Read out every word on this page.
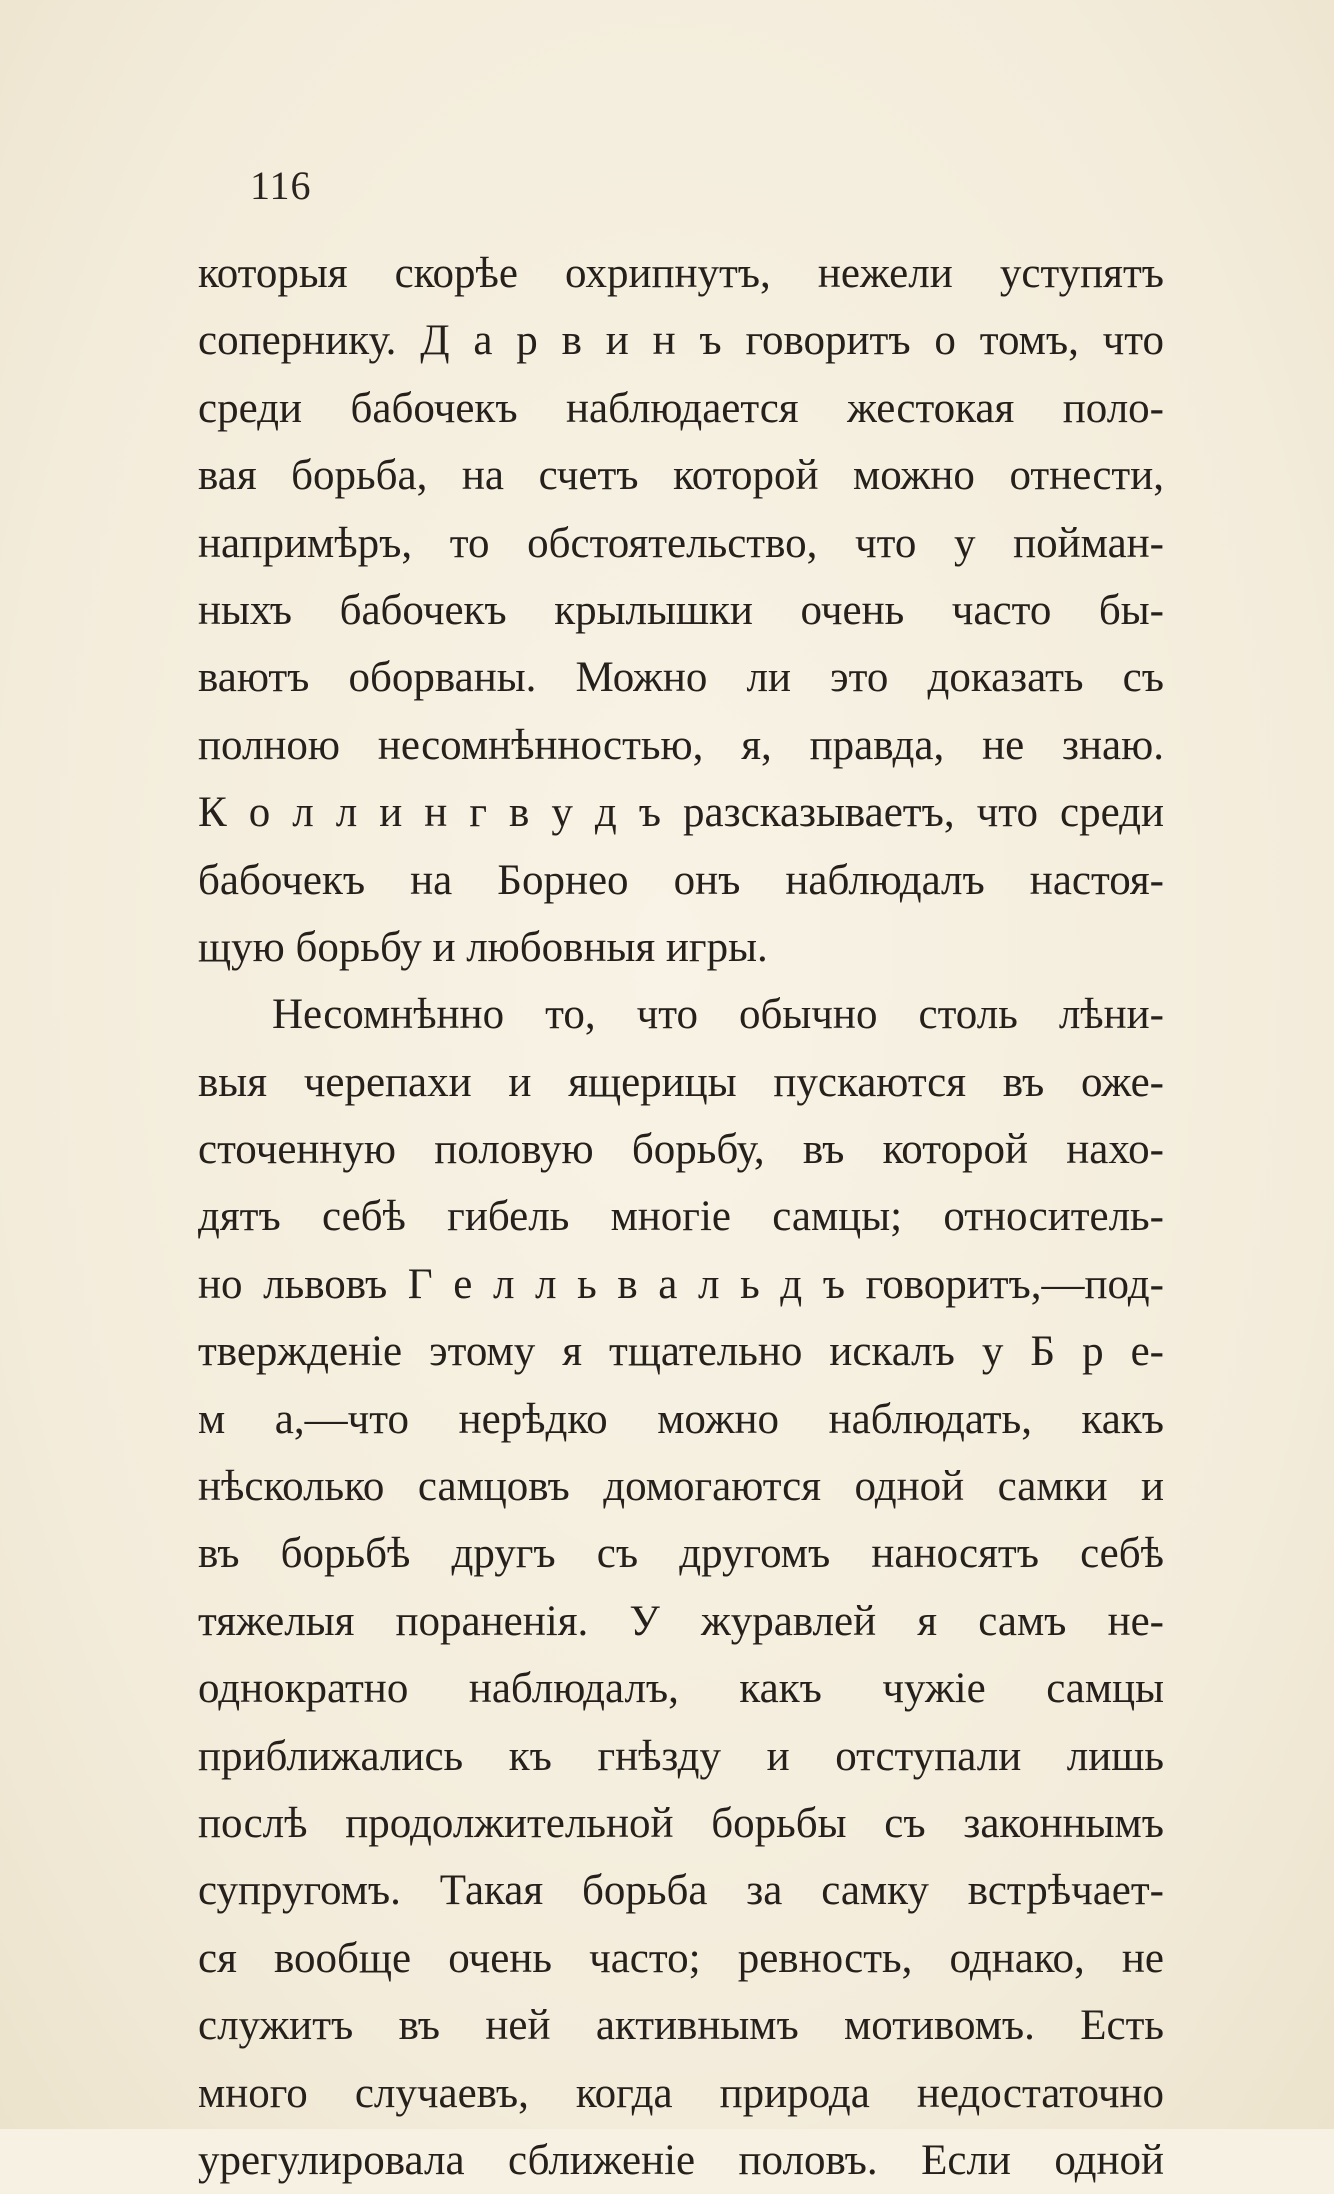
116
которыя скорѣе охрипнутъ, нежели уступятъ
сопернику. Д а р в и н ъ говоритъ о томъ, что
среди бабочекъ наблюдается жестокая поло-
вая борьба, на счетъ которой можно отнести,
напримѣръ, то обстоятельство, что у пойман-
ныхъ бабочекъ крылышки очень часто бы-
ваютъ оборваны. Можно ли это доказать съ
полною несомнѣнностью, я, правда, не знаю.
К о л л и н г в у д ъ разсказываетъ, что среди
бабочекъ на Борнео онъ наблюдалъ настоя-
щую борьбу и любовныя игры.
Несомнѣнно то, что обычно столь лѣни-
выя черепахи и ящерицы пускаются въ оже-
сточенную половую борьбу, въ которой нахо-
дятъ себѣ гибель многіе самцы; относитель-
но львовъ Г е л л ь в а л ь д ъ говоритъ,—под-
твержденіе этому я тщательно искалъ у Б р е-
м а,—что нерѣдко можно наблюдать, какъ
нѣсколько самцовъ домогаются одной самки и
въ борьбѣ другъ съ другомъ наносятъ себѣ
тяжелыя пораненія. У журавлей я самъ не-
однократно наблюдалъ, какъ чужіе самцы
приближались къ гнѣзду и отступали лишь
послѣ продолжительной борьбы съ законнымъ
супругомъ. Такая борьба за самку встрѣчает-
ся вообще очень часто; ревность, однако, не
служитъ въ ней активнымъ мотивомъ. Есть
много случаевъ, когда природа недостаточно
урегулировала сближеніе половъ. Если одной
